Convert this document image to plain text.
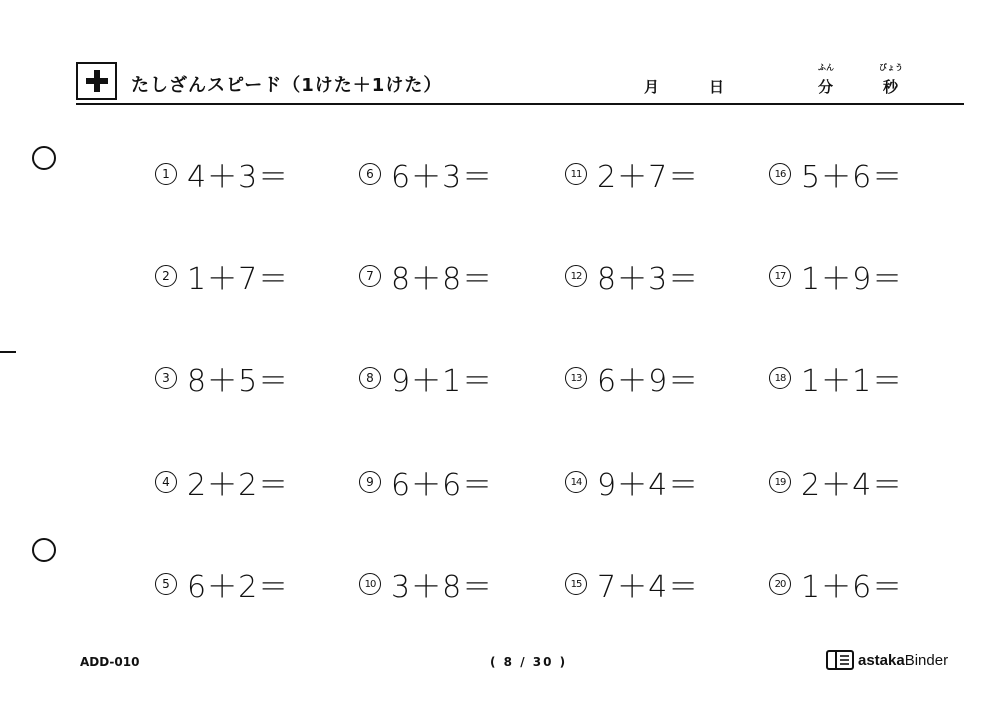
たしざんスピード（1けた＋1けた）	月	日
ふん
分
びょう
秒
1 4＋3＝
2 1＋7＝
3 8＋5＝
4 2＋2＝
5 6＋2＝
6 6＋3＝
7 8＋8＝
8 9＋1＝
9 6＋6＝
10 3＋8＝
11 2＋7＝
12 8＋3＝
13 6＋9＝
14 9＋4＝
15 7＋4＝
16 5＋6＝
17 1＋9＝
18 1＋1＝
19 2＋4＝
20 1＋6＝
ADD-010	( 8 / 30 )	astaka Binder
